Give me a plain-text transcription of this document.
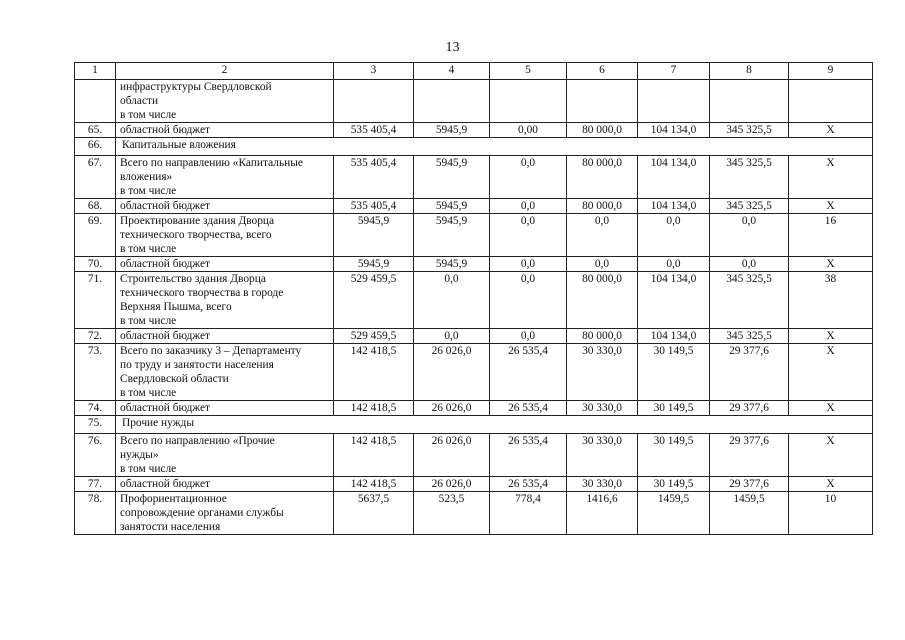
13
1	2	3	4	5	6	7	8	9

	инфраструктуры Свердловской
области
в том числе							

65.	областной бюджет	535 405,4	5945,9	0,00	80 000,0	104 134,0	345 325,5	X
66.	Капитальные вложения							
67.	Всего по направлению «Капитальные
вложения»
в том числе	535 405,4	5945,9	0,0	80 000,0	104 134,0	345 325,5	X
68.	областной бюджет	535 405,4	5945,9	0,0	80 000,0	104 134,0	345 325,5	X
69.	Проектирование здания Дворца
технического творчества, всего
в том числе	5945,9	5945,9	0,0	0,0	0,0	0,0	16
70.	областной бюджет	5945,9	5945,9	0,0	0,0	0,0	0,0	X
71.	Строительство здания Дворца
технического творчества в городе
Верхняя Пышма, всего
в том числе	529 459,5	0,0	0,0	80 000,0	104 134,0	345 325,5	38
72.	областной бюджет	529 459,5	0,0	0,0	80 000,0	104 134,0	345 325,5	X
73.	Всего по заказчику 3 – Департаменту
по труду и занятости населения
Свердловской области
в том числе	142 418,5	26 026,0	26 535,4	30 330,0	30 149,5	29 377,6	X
74.	областной бюджет	142 418,5	26 026,0	26 535,4	30 330,0	30 149,5	29 377,6	X
75.	Прочие нужды							
76.	Всего по направлению «Прочие
нужды»
в том числе	142 418,5	26 026,0	26 535,4	30 330,0	30 149,5	29 377,6	X
77.	областной бюджет	142 418,5	26 026,0	26 535,4	30 330,0	30 149,5	29 377,6	X
78.	Профориентационное
сопровождение органами службы
занятости населения	5637,5	523,5	778,4	1416,6	1459,5	1459,5	10
